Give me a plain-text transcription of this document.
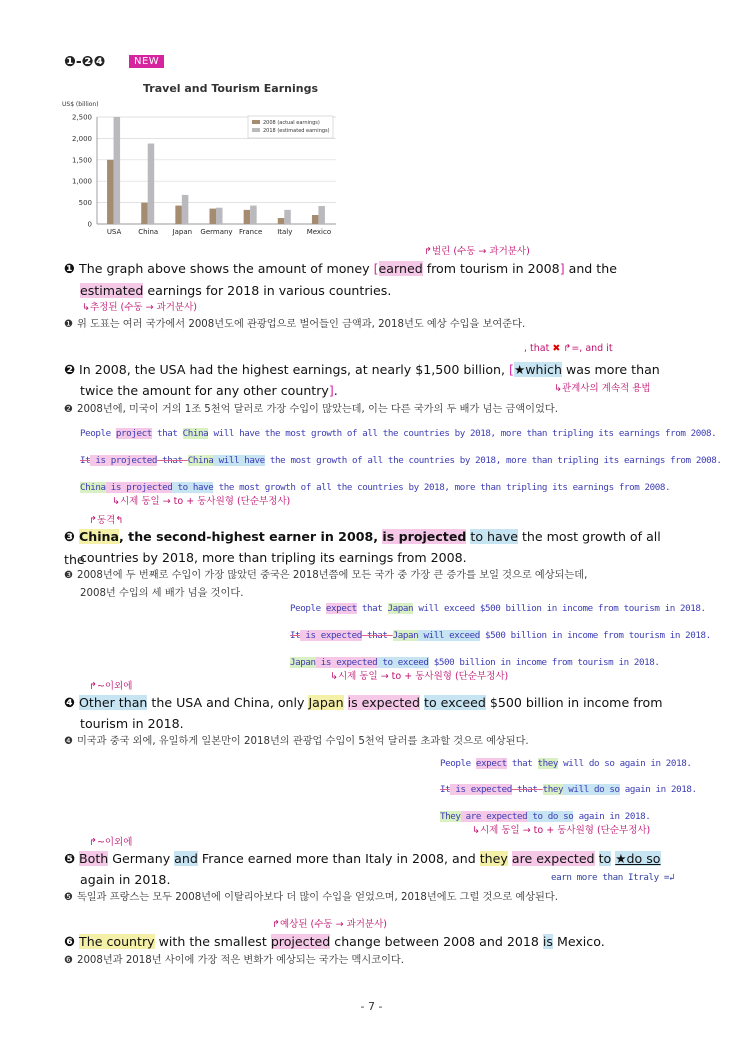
❶-❷❹	NEW
Travel and Tourism Earnings
US$ (billion)
0
500
1,000
1,500
2,000
2,500
USA China Japan Germany France Italy Mexico
2008 (actual earnings)
2018 (estimated earnings)
↱벌린 (수동 → 과거분사)
❶ The graph above shows the amount of money [earned from tourism in 2008] and the
estimated earnings for 2018 in various countries.
↳추정된 (수동 → 과거분사)
❶ 위 도표는 여러 국가에서 2008년도에 관광업으로 벌어들인 금액과, 2018년도 예상 수입을 보여준다.
, that ✖ ↱=, and it
❷ In 2008, the USA had the highest earnings, at nearly $1,500 billion, [★which was more than
twice the amount for any other country].	↳관계사의 계속적 용법
❷ 2008년에, 미국이 거의 1조 5천억 달러로 가장 수입이 많았는데, 이는 다른 국가의 두 배가 넘는 금액이었다.
People project that China will have the most growth of all the countries by 2018, more than tripling its earnings from 2008.
It is projected that China will have the most growth of all the countries by 2018, more than tripling its earnings from 2008.
China is projected to have the most growth of all the countries by 2018, more than tripling its earnings from 2008.
↳시제 동일 → to + 동사원형 (단순부정사)
↱동격↰
❸ China, the second-highest earner in 2008, is projected to have the most growth of all the
countries by 2018, more than tripling its earnings from 2008.
❸ 2008년에 두 번째로 수입이 가장 많았던 중국은 2018년쯤에 모든 국가 중 가장 큰 증가를 보일 것으로 예상되는데,
2008년 수입의 세 배가 넘을 것이다.
People expect that Japan will exceed $500 billion in income from tourism in 2018.
It is expected that Japan will exceed $500 billion in income from tourism in 2018.
Japan is expected to exceed $500 billion in income from tourism in 2018.
↳시제 동일 → to + 동사원형 (단순부정사)
↱~이외에
❹ Other than the USA and China, only Japan is expected to exceed $500 billion in income from
tourism in 2018.
❹ 미국과 중국 외에, 유일하게 일본만이 2018년의 관광업 수입이 5천억 달러를 초과할 것으로 예상된다.
People expect that they will do so again in 2018.
It is expected that they will do so again in 2018.
They are expected to do so again in 2018.
↳시제 동일 → to + 동사원형 (단순부정사)
↱~이외에
❺ Both Germany and France earned more than Italy in 2008, and they are expected to ★do so
again in 2018.	earn more than Itraly =↲
❺ 독일과 프랑스는 모두 2008년에 이탈리아보다 더 많이 수입을 얻었으며, 2018년에도 그럴 것으로 예상된다.
↱예상된 (수동 → 과거분사)
❻ The country with the smallest projected change between 2008 and 2018 is Mexico.
❻ 2008년과 2018년 사이에 가장 적은 변화가 예상되는 국가는 멕시코이다.
- 7 -
